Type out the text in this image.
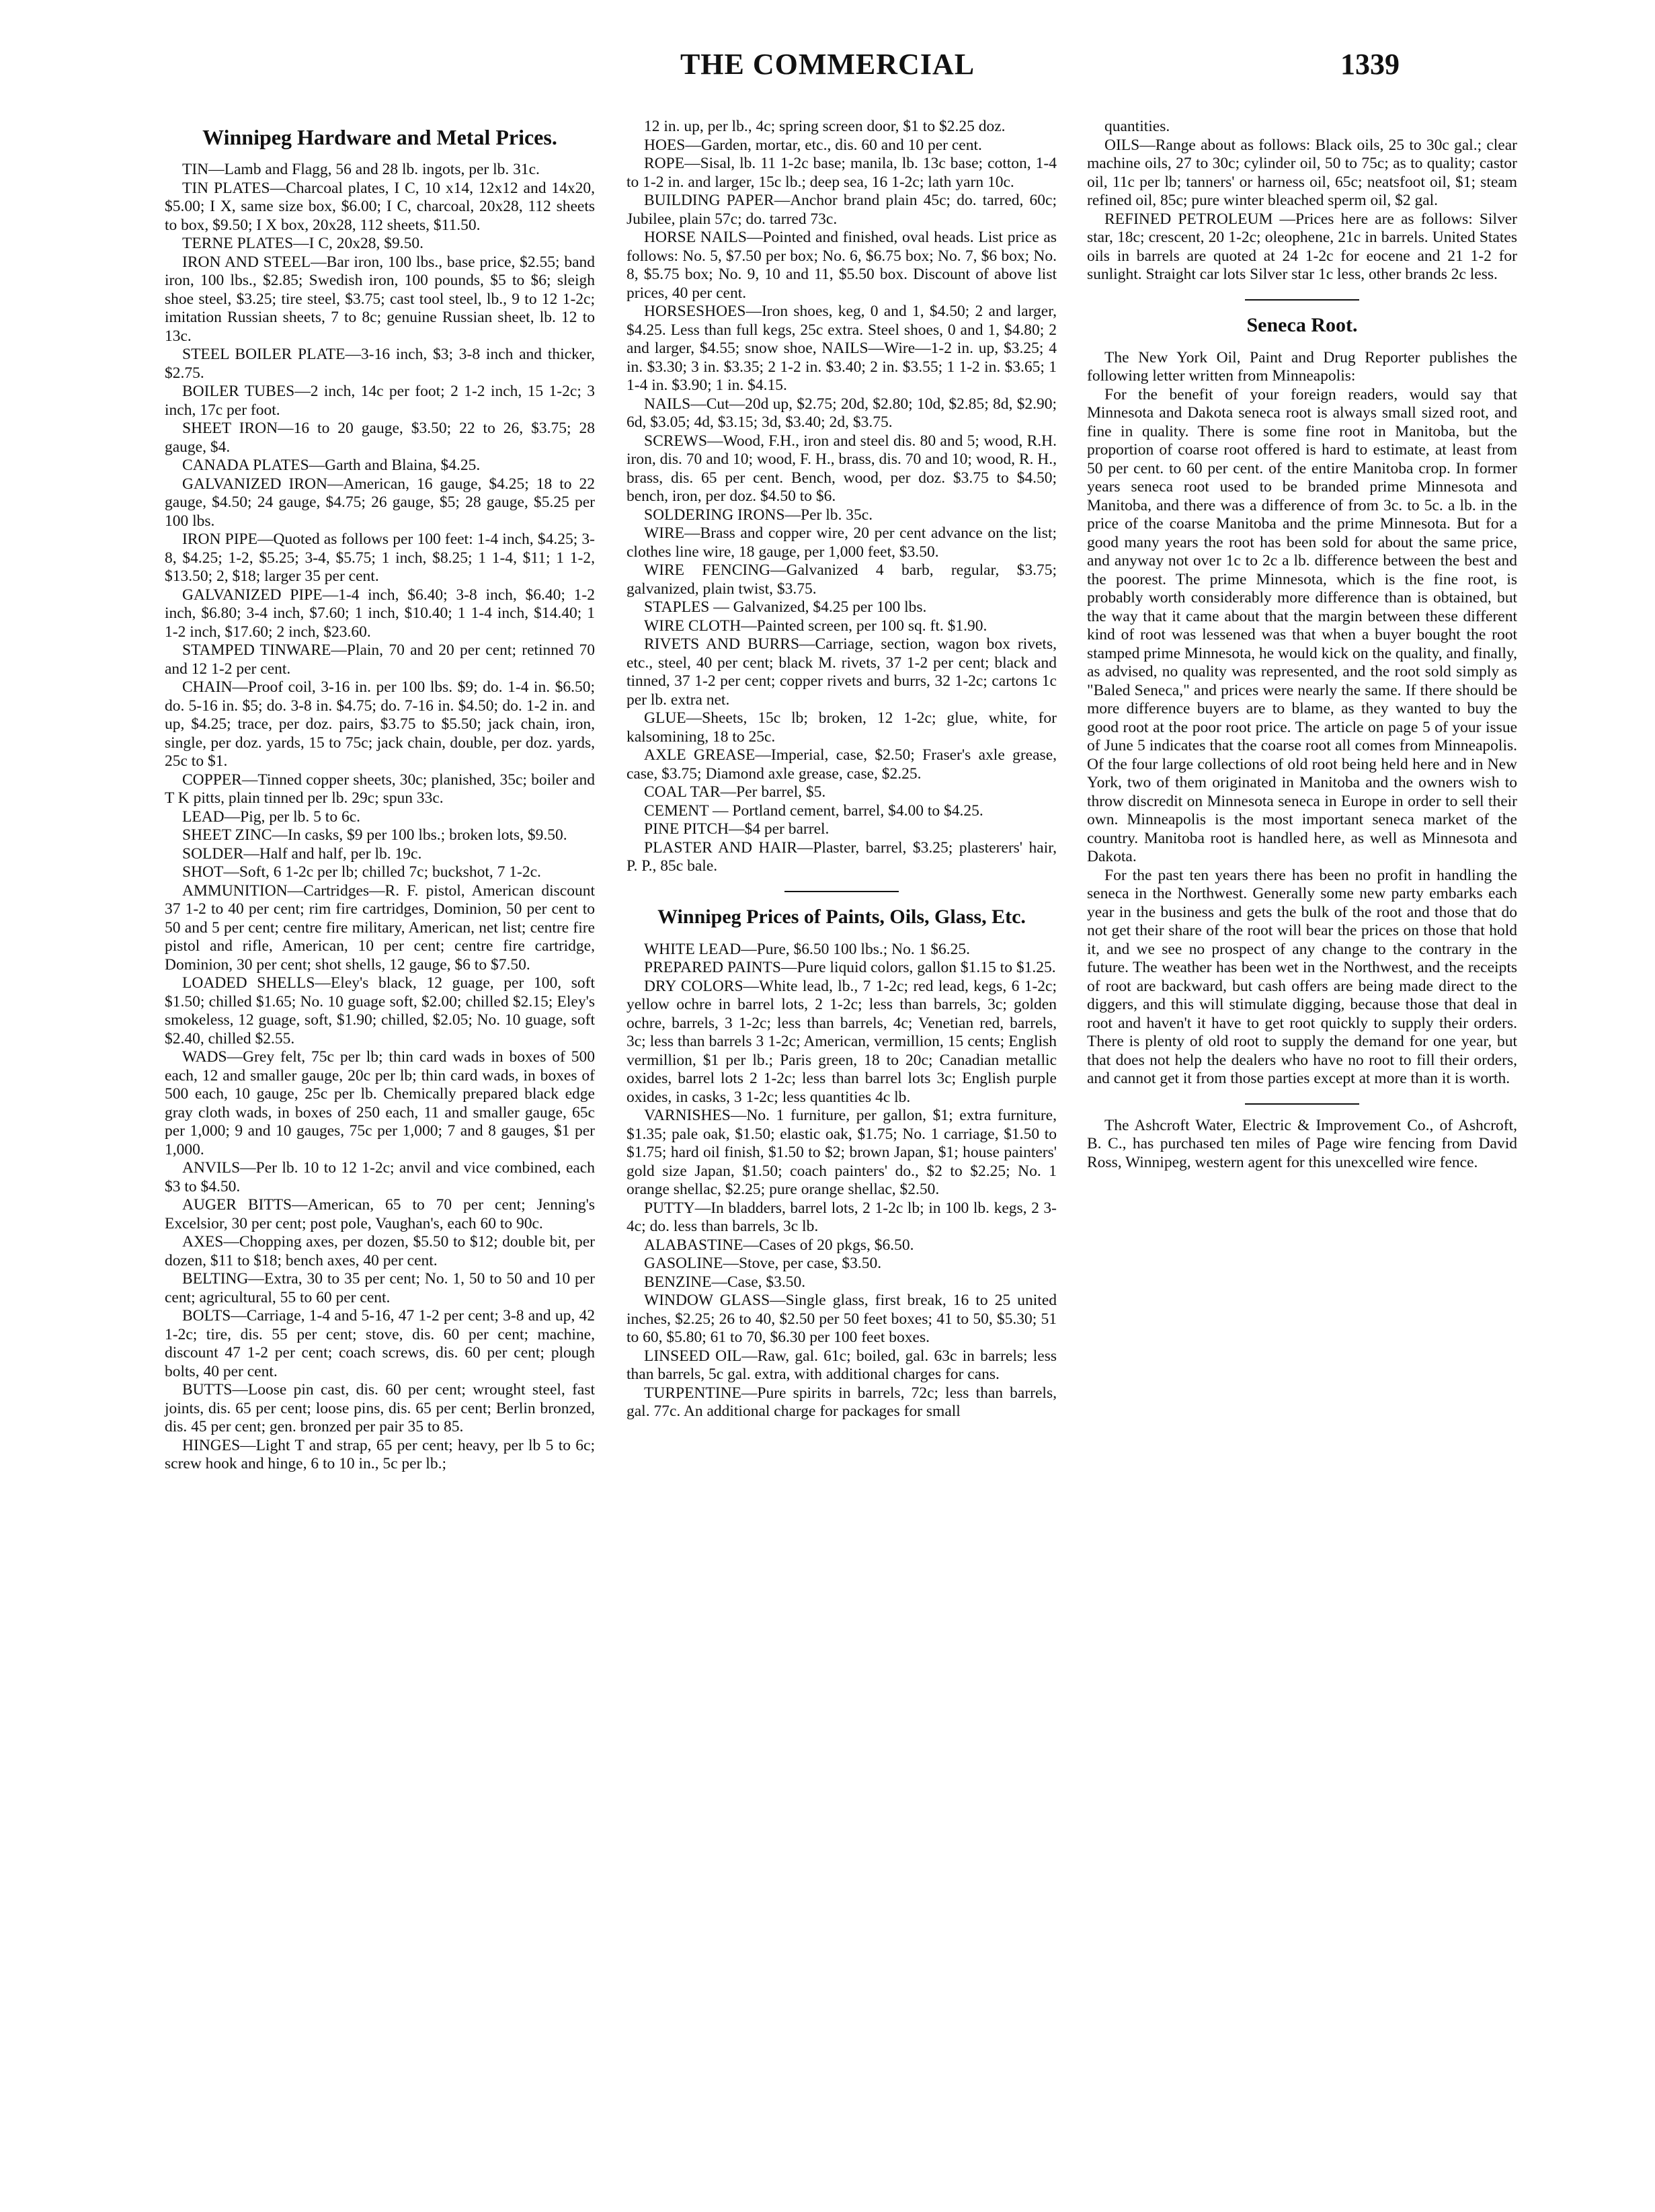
THE COMMERCIAL	1339
Winnipeg Hardware and Metal Prices.

TIN—Lamb and Flagg, 56 and 28 lb. ingots, per lb. 31c.

TIN PLATES—Charcoal plates, I C, 10 x14, 12x12 and 14x20, $5.00; I X, same size box, $6.00; I C, charcoal, 20x28, 112 sheets to box, $9.50; I X box, 20x28, 112 sheets, $11.50.

TERNE PLATES—I C, 20x28, $9.50.

IRON AND STEEL—Bar iron, 100 lbs., base price, $2.55; band iron, 100 lbs., $2.85; Swedish iron, 100 pounds, $5 to $6; sleigh shoe steel, $3.25; tire steel, $3.75; cast tool steel, lb., 9 to 12 1-2c; imitation Russian sheets, 7 to 8c; genuine Russian sheet, lb. 12 to 13c.

STEEL BOILER PLATE—3-16 inch, $3; 3-8 inch and thicker, $2.75.

BOILER TUBES—2 inch, 14c per foot; 2 1-2 inch, 15 1-2c; 3 inch, 17c per foot.

SHEET IRON—16 to 20 gauge, $3.50; 22 to 26, $3.75; 28 gauge, $4.

CANADA PLATES—Garth and Blaina, $4.25.

GALVANIZED IRON—American, 16 gauge, $4.25; 18 to 22 gauge, $4.50; 24 gauge, $4.75; 26 gauge, $5; 28 gauge, $5.25 per 100 lbs.

IRON PIPE—Quoted as follows per 100 feet: 1-4 inch, $4.25; 3-8, $4.25; 1-2, $5.25; 3-4, $5.75; 1 inch, $8.25; 1 1-4, $11; 1 1-2, $13.50; 2, $18; larger 35 per cent.

GALVANIZED PIPE—1-4 inch, $6.40; 3-8 inch, $6.40; 1-2 inch, $6.80; 3-4 inch, $7.60; 1 inch, $10.40; 1 1-4 inch, $14.40; 1 1-2 inch, $17.60; 2 inch, $23.60.

STAMPED TINWARE—Plain, 70 and 20 per cent; retinned 70 and 12 1-2 per cent.

CHAIN—Proof coil, 3-16 in. per 100 lbs. $9; do. 1-4 in. $6.50; do. 5-16 in. $5; do. 3-8 in. $4.75; do. 7-16 in. $4.50; do. 1-2 in. and up, $4.25; trace, per doz. pairs, $3.75 to $5.50; jack chain, iron, single, per doz. yards, 15 to 75c; jack chain, double, per doz. yards, 25c to $1.

COPPER—Tinned copper sheets, 30c; planished, 35c; boiler and T K pitts, plain tinned per lb. 29c; spun 33c.

LEAD—Pig, per lb. 5 to 6c.

SHEET ZINC—In casks, $9 per 100 lbs.; broken lots, $9.50.

SOLDER—Half and half, per lb. 19c.

SHOT—Soft, 6 1-2c per lb; chilled 7c; buckshot, 7 1-2c.

AMMUNITION—Cartridges—R. F. pistol, American discount 37 1-2 to 40 per cent; rim fire cartridges, Dominion, 50 per cent to 50 and 5 per cent; centre fire military, American, net list; centre fire pistol and rifle, American, 10 per cent; centre fire cartridge, Dominion, 30 per cent; shot shells, 12 gauge, $6 to $7.50.

LOADED SHELLS—Eley's black, 12 guage, per 100, soft $1.50; chilled $1.65; No. 10 guage soft, $2.00; chilled $2.15; Eley's smokeless, 12 guage, soft, $1.90; chilled, $2.05; No. 10 guage, soft $2.40, chilled $2.55.

WADS—Grey felt, 75c per lb; thin card wads in boxes of 500 each, 12 and smaller gauge, 20c per lb; thin card wads, in boxes of 500 each, 10 gauge, 25c per lb. Chemically prepared black edge gray cloth wads, in boxes of 250 each, 11 and smaller gauge, 65c per 1,000; 9 and 10 gauges, 75c per 1,000; 7 and 8 gauges, $1 per 1,000.

ANVILS—Per lb. 10 to 12 1-2c; anvil and vice combined, each $3 to $4.50.

AUGER BITTS—American, 65 to 70 per cent; Jenning's Excelsior, 30 per cent; post pole, Vaughan's, each 60 to 90c.

AXES—Chopping axes, per dozen, $5.50 to $12; double bit, per dozen, $11 to $18; bench axes, 40 per cent.

BELTING—Extra, 30 to 35 per cent; No. 1, 50 to 50 and 10 per cent; agricultural, 55 to 60 per cent.

BOLTS—Carriage, 1-4 and 5-16, 47 1-2 per cent; 3-8 and up, 42 1-2c; tire, dis. 55 per cent; stove, dis. 60 per cent; machine, discount 47 1-2 per cent; coach screws, dis. 60 per cent; plough bolts, 40 per cent.

BUTTS—Loose pin cast, dis. 60 per cent; wrought steel, fast joints, dis. 65 per cent; loose pins, dis. 65 per cent; Berlin bronzed, dis. 45 per cent; gen. bronzed per pair 35 to 85.

HINGES—Light T and strap, 65 per cent; heavy, per lb 5 to 6c; screw hook and hinge, 6 to 10 in., 5c per lb.;

12 in. up, per lb., 4c; spring screen door, $1 to $2.25 doz.

HOES—Garden, mortar, etc., dis. 60 and 10 per cent.

ROPE—Sisal, lb. 11 1-2c base; manila, lb. 13c base; cotton, 1-4 to 1-2 in. and larger, 15c lb.; deep sea, 16 1-2c; lath yarn 10c.

BUILDING PAPER—Anchor brand plain 45c; do. tarred, 60c; Jubilee, plain 57c; do. tarred 73c.

HORSE NAILS—Pointed and finished, oval heads. List price as follows: No. 5, $7.50 per box; No. 6, $6.75 box; No. 7, $6 box; No. 8, $5.75 box; No. 9, 10 and 11, $5.50 box. Discount of above list prices, 40 per cent.

HORSESHOES—Iron shoes, keg, 0 and 1, $4.50; 2 and larger, $4.25. Less than full kegs, 25c extra. Steel shoes, 0 and 1, $4.80; 2 and larger, $4.55; snow shoe, NAILS—Wire—1-2 in. up, $3.25; 4 in. $3.30; 3 in. $3.35; 2 1-2 in. $3.40; 2 in. $3.55; 1 1-2 in. $3.65; 1 1-4 in. $3.90; 1 in. $4.15.

NAILS—Cut—20d up, $2.75; 20d, $2.80; 10d, $2.85; 8d, $2.90; 6d, $3.05; 4d, $3.15; 3d, $3.40; 2d, $3.75.

SCREWS—Wood, F.H., iron and steel dis. 80 and 5; wood, R.H. iron, dis. 70 and 10; wood, F. H., brass, dis. 70 and 10; wood, R. H., brass, dis. 65 per cent. Bench, wood, per doz. $3.75 to $4.50; bench, iron, per doz. $4.50 to $6.

SOLDERING IRONS—Per lb. 35c.

WIRE—Brass and copper wire, 20 per cent advance on the list; clothes line wire, 18 gauge, per 1,000 feet, $3.50.

WIRE FENCING—Galvanized 4 barb, regular, $3.75; galvanized, plain twist, $3.75.

STAPLES — Galvanized, $4.25 per 100 lbs.

WIRE CLOTH—Painted screen, per 100 sq. ft. $1.90.

RIVETS AND BURRS—Carriage, section, wagon box rivets, etc., steel, 40 per cent; black M. rivets, 37 1-2 per cent; black and tinned, 37 1-2 per cent; copper rivets and burrs, 32 1-2c; cartons 1c per lb. extra net.

GLUE—Sheets, 15c lb; broken, 12 1-2c; glue, white, for kalsomining, 18 to 25c.

AXLE GREASE—Imperial, case, $2.50; Fraser's axle grease, case, $3.75; Diamond axle grease, case, $2.25.

COAL TAR—Per barrel, $5.

CEMENT — Portland cement, barrel, $4.00 to $4.25.

PINE PITCH—$4 per barrel.

PLASTER AND HAIR—Plaster, barrel, $3.25; plasterers' hair, P. P., 85c bale.

Winnipeg Prices of Paints, Oils, Glass, Etc.

WHITE LEAD—Pure, $6.50 100 lbs.; No. 1 $6.25.

PREPARED PAINTS—Pure liquid colors, gallon $1.15 to $1.25.

DRY COLORS—White lead, lb., 7 1-2c; red lead, kegs, 6 1-2c; yellow ochre in barrel lots, 2 1-2c; less than barrels, 3c; golden ochre, barrels, 3 1-2c; less than barrels, 4c; Venetian red, barrels, 3c; less than barrels 3 1-2c; American, vermillion, 15 cents; English vermillion, $1 per lb.; Paris green, 18 to 20c; Canadian metallic oxides, barrel lots 2 1-2c; less than barrel lots 3c; English purple oxides, in casks, 3 1-2c; less quantities 4c lb.

VARNISHES—No. 1 furniture, per gallon, $1; extra furniture, $1.35; pale oak, $1.50; elastic oak, $1.75; No. 1 carriage, $1.50 to $1.75; hard oil finish, $1.50 to $2; brown Japan, $1; house painters' gold size Japan, $1.50; coach painters' do., $2 to $2.25; No. 1 orange shellac, $2.25; pure orange shellac, $2.50.

PUTTY—In bladders, barrel lots, 2 1-2c lb; in 100 lb. kegs, 2 3-4c; do. less than barrels, 3c lb.

ALABASTINE—Cases of 20 pkgs, $6.50.

GASOLINE—Stove, per case, $3.50.

BENZINE—Case, $3.50.

WINDOW GLASS—Single glass, first break, 16 to 25 united inches, $2.25; 26 to 40, $2.50 per 50 feet boxes; 41 to 50, $5.30; 51 to 60, $5.80; 61 to 70, $6.30 per 100 feet boxes.

LINSEED OIL—Raw, gal. 61c; boiled, gal. 63c in barrels; less than barrels, 5c gal. extra, with additional charges for cans.

TURPENTINE—Pure spirits in barrels, 72c; less than barrels, gal. 77c. An additional charge for packages for small

quantities.

OILS—Range about as follows: Black oils, 25 to 30c gal.; clear machine oils, 27 to 30c; cylinder oil, 50 to 75c; as to quality; castor oil, 11c per lb; tanners' or harness oil, 65c; neatsfoot oil, $1; steam refined oil, 85c; pure winter bleached sperm oil, $2 gal.

REFINED PETROLEUM —Prices here are as follows: Silver star, 18c; crescent, 20 1-2c; oleophene, 21c in barrels. United States oils in barrels are quoted at 24 1-2c for eocene and 21 1-2 for sunlight. Straight car lots Silver star 1c less, other brands 2c less.

Seneca Root.

The New York Oil, Paint and Drug Reporter publishes the following letter written from Minneapolis:

For the benefit of your foreign readers, would say that Minnesota and Dakota seneca root is always small sized root, and fine in quality. There is some fine root in Manitoba, but the proportion of coarse root offered is hard to estimate, at least from 50 per cent. to 60 per cent. of the entire Manitoba crop. In former years seneca root used to be branded prime Minnesota and Manitoba, and there was a difference of from 3c. to 5c. a lb. in the price of the coarse Manitoba and the prime Minnesota. But for a good many years the root has been sold for about the same price, and anyway not over 1c to 2c a lb. difference between the best and the poorest. The prime Minnesota, which is the fine root, is probably worth considerably more difference than is obtained, but the way that it came about that the margin between these different kind of root was lessened was that when a buyer bought the root stamped prime Minnesota, he would kick on the quality, and finally, as advised, no quality was represented, and the root sold simply as "Baled Seneca," and prices were nearly the same. If there should be more difference buyers are to blame, as they wanted to buy the good root at the poor root price. The article on page 5 of your issue of June 5 indicates that the coarse root all comes from Minneapolis. Of the four large collections of old root being held here and in New York, two of them originated in Manitoba and the owners wish to throw discredit on Minnesota seneca in Europe in order to sell their own. Minneapolis is the most important seneca market of the country. Manitoba root is handled here, as well as Minnesota and Dakota.

For the past ten years there has been no profit in handling the seneca in the Northwest. Generally some new party embarks each year in the business and gets the bulk of the root and those that do not get their share of the root will bear the prices on those that hold it, and we see no prospect of any change to the contrary in the future. The weather has been wet in the Northwest, and the receipts of root are backward, but cash offers are being made direct to the diggers, and this will stimulate digging, because those that deal in root and haven't it have to get root quickly to supply their orders. There is plenty of old root to supply the demand for one year, but that does not help the dealers who have no root to fill their orders, and cannot get it from those parties except at more than it is worth.

The Ashcroft Water, Electric & Improvement Co., of Ashcroft, B. C., has purchased ten miles of Page wire fencing from David Ross, Winnipeg, western agent for this unexcelled wire fence.
